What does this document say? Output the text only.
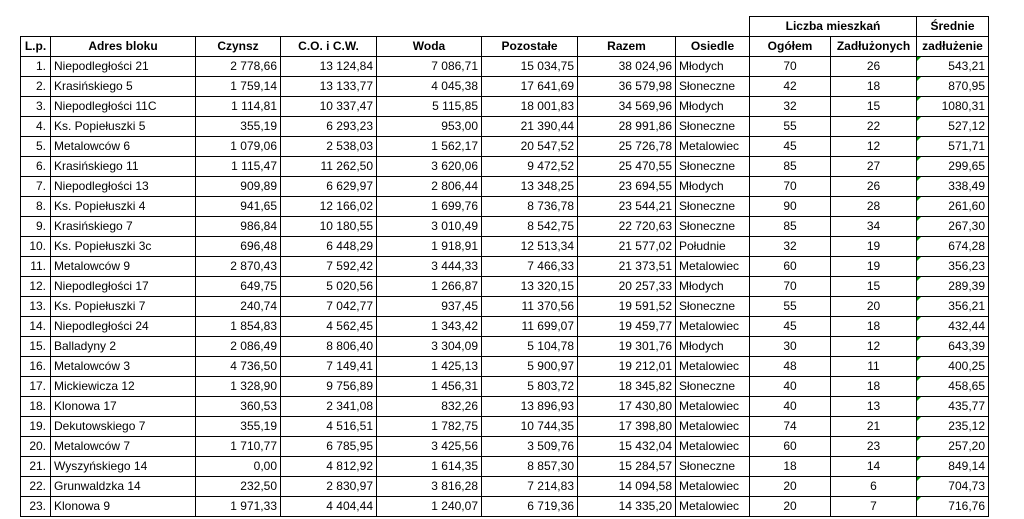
								Liczba mieszkań		Średnie
L.p.	Adres bloku	Czynsz	C.O. i C.W.	Woda	Pozostałe	Razem	Osiedle	Ogółem	Zadłużonych	zadłużenie
1.	Niepodległości 21	2 778,66	13 124,84	7 086,71	15 034,75	38 024,96	Młodych	70	26	543,21
2.	Krasińskiego 5	1 759,14	13 133,77	4 045,38	17 641,69	36 579,98	Słoneczne	42	18	870,95
3.	Niepodległości 11C	1 114,81	10 337,47	5 115,85	18 001,83	34 569,96	Młodych	32	15	1080,31
4.	Ks. Popiełuszki 5	355,19	6 293,23	953,00	21 390,44	28 991,86	Słoneczne	55	22	527,12
5.	Metalowców 6	1 079,06	2 538,03	1 562,17	20 547,52	25 726,78	Metalowiec	45	12	571,71
6.	Krasińskiego 11	1 115,47	11 262,50	3 620,06	9 472,52	25 470,55	Słoneczne	85	27	299,65
7.	Niepodległości 13	909,89	6 629,97	2 806,44	13 348,25	23 694,55	Młodych	70	26	338,49
8.	Ks. Popiełuszki 4	941,65	12 166,02	1 699,76	8 736,78	23 544,21	Słoneczne	90	28	261,60
9.	Krasińskiego 7	986,84	10 180,55	3 010,49	8 542,75	22 720,63	Słoneczne	85	34	267,30
10.	Ks. Popiełuszki 3c	696,48	6 448,29	1 918,91	12 513,34	21 577,02	Południe	32	19	674,28
11.	Metalowców 9	2 870,43	7 592,42	3 444,33	7 466,33	21 373,51	Metalowiec	60	19	356,23
12.	Niepodległości 17	649,75	5 020,56	1 266,87	13 320,15	20 257,33	Młodych	70	15	289,39
13.	Ks. Popiełuszki 7	240,74	7 042,77	937,45	11 370,56	19 591,52	Słoneczne	55	20	356,21
14.	Niepodległości 24	1 854,83	4 562,45	1 343,42	11 699,07	19 459,77	Metalowiec	45	18	432,44
15.	Balladyny 2	2 086,49	8 806,40	3 304,09	5 104,78	19 301,76	Młodych	30	12	643,39
16.	Metalowców 3	4 736,50	7 149,41	1 425,13	5 900,97	19 212,01	Metalowiec	48	11	400,25
17.	Mickiewicza 12	1 328,90	9 756,89	1 456,31	5 803,72	18 345,82	Słoneczne	40	18	458,65
18.	Klonowa 17	360,53	2 341,08	832,26	13 896,93	17 430,80	Metalowiec	40	13	435,77
19.	Dekutowskiego 7	355,19	4 516,51	1 782,75	10 744,35	17 398,80	Metalowiec	74	21	235,12
20.	Metalowców 7	1 710,77	6 785,95	3 425,56	3 509,76	15 432,04	Metalowiec	60	23	257,20
21.	Wyszyńskiego 14	0,00	4 812,92	1 614,35	8 857,30	15 284,57	Słoneczne	18	14	849,14
22.	Grunwaldzka 14	232,50	2 830,97	3 816,28	7 214,83	14 094,58	Metalowiec	20	6	704,73
23.	Klonowa 9	1 971,33	4 404,44	1 240,07	6 719,36	14 335,20	Metalowiec	20	7	716,76
